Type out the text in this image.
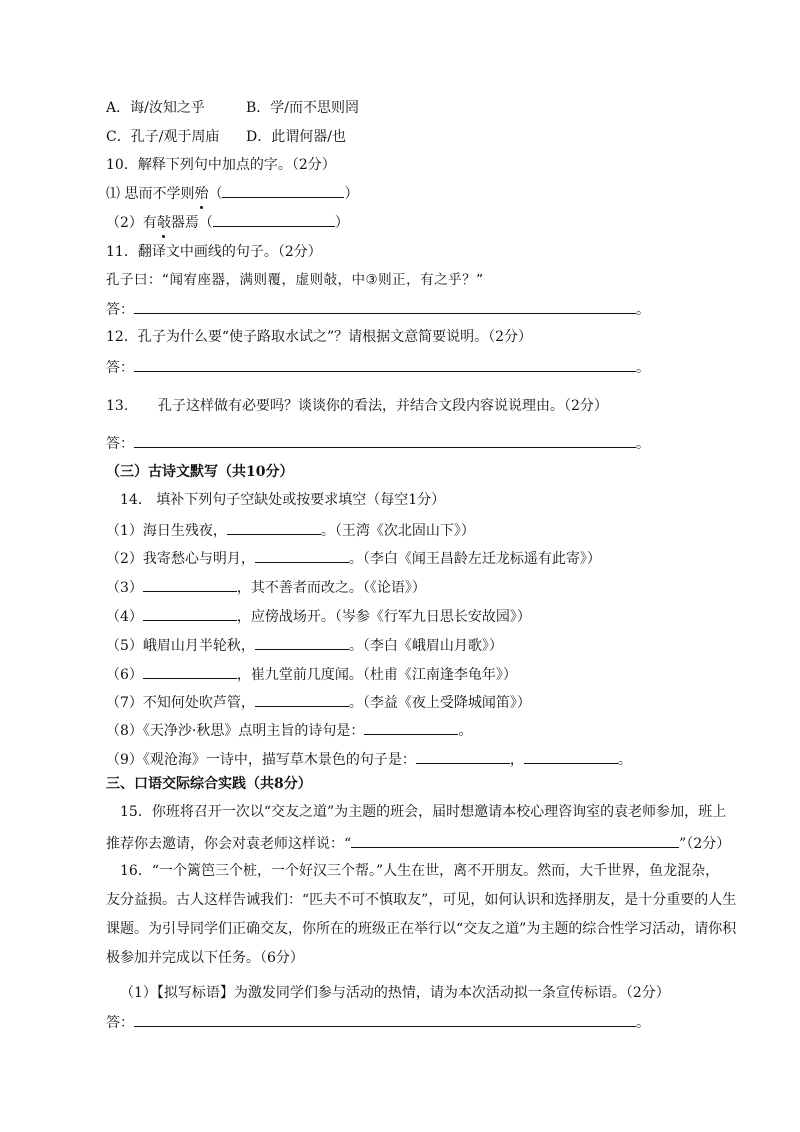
A．诲/汝知之乎	B．学/而不思则罔
C．孔子/观于周庙 D．此谓何器/也
10．解释下列句中加点的字。（2分）
⑴ 思而不学则殆（	）
（2）有敧器焉（	）
11．翻译文中画线的句子。（2分）
孔子曰：“闻宥座器，满则覆，虚则敧，中③则正，有之乎？”
答：	。
12．孔子为什么要“使子路取水试之”？请根据文意简要说明。（2分）
答：	。
13. 孔子这样做有必要吗？谈谈你的看法，并结合文段内容说说理由。（2分）
答：	。
（三）古诗文默写（共10分）
14． 填补下列句子空缺处或按要求填空（每空1分）
（1）海日生残夜，	。（王湾《次北固山下》）
（2）我寄愁心与明月，	。（李白《闻王昌龄左迁龙标遥有此寄》）
（3）	，其不善者而改之。（《论语》）
（4）	，应傍战场开。（岑参《行军九日思长安故园》）
（5）峨眉山月半轮秋，	。（李白《峨眉山月歌》）
（6）	，崔九堂前几度闻。（杜甫《江南逢李龟年》）
（7）不知何处吹芦管，	。（李益《夜上受降城闻笛》）
（8）《天净沙·秋思》点明主旨的诗句是：	。
（9）《观沧海》一诗中，描写草木景色的句子是：	，	。
三、口语交际综合实践（共8分）
15．你班将召开一次以“交友之道”为主题的班会，届时想邀请本校心理咨询室的袁老师参加，班上
推荐你去邀请，你会对袁老师这样说：“	”（2分）
16．“一个篱笆三个桩，一个好汉三个帮。”人生在世，离不开朋友。然而，大千世界，鱼龙混杂，
友分益损。古人这样告诫我们：“匹夫不可不慎取友”，可见，如何认识和选择朋友，是十分重要的人生
课题。为引导同学们正确交友，你所在的班级正在举行以“交友之道”为主题的综合性学习活动，请你积
极参加并完成以下任务。（6分）
（1）【拟写标语】为激发同学们参与活动的热情，请为本次活动拟一条宣传标语。（2分）
答：	。
